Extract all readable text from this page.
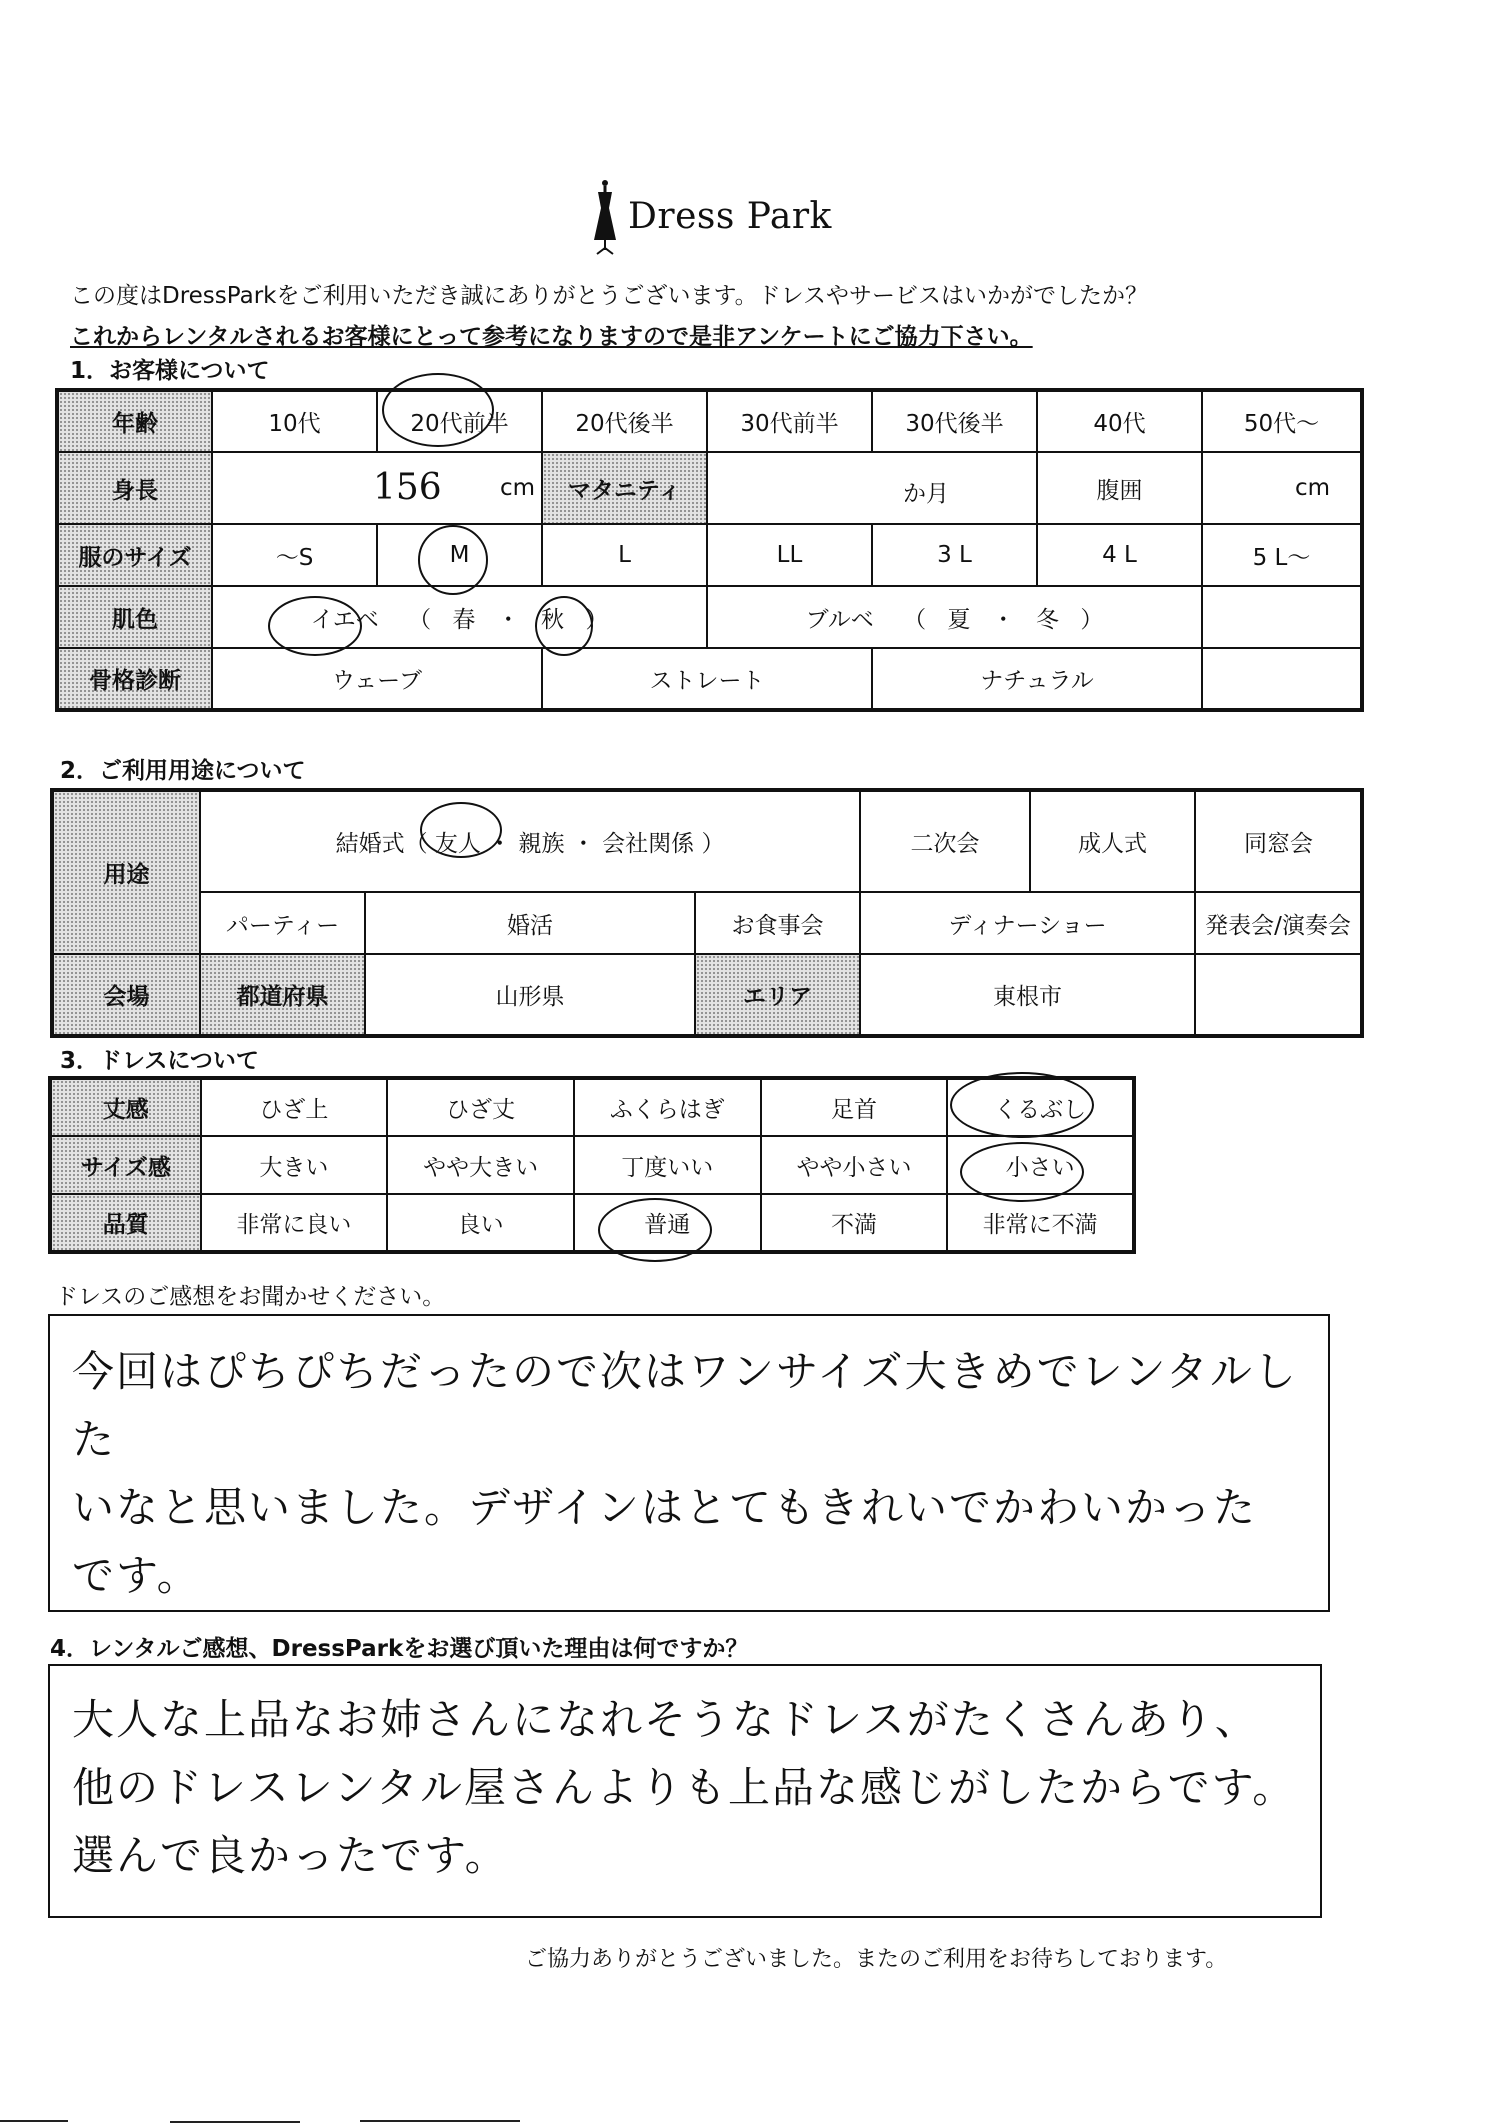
Dress Park
この度はDressParkをご利用いただき誠にありがとうございます。ドレスやサービスはいかがでしたか？
これからレンタルされるお客様にとって参考になりますので是非アンケートにご協力下さい。
1．お客様について
年齢	10代	20代前半	20代後半	30代前半	30代後半	40代	50代～
身長	156 cm		マタニティ	か月		腹囲	cm

服のサイズ	～S	M	L	LL	3 L	4 L	5 L～
肌色	イエベ （ 春 ・ 秋 ）			ブルベ （ 夏 ・ 冬 ）			
骨格診断	ウェーブ		ストレート		ナチュラル		
2．ご利用用途について
用途	結婚式（ 友人 ・ 親族 ・ 会社関係 ）			二次会	成人式	同窓会	
	パーティー	婚活	お食事会	ディナーショー		発表会/演奏会	
会場	都道府県	山形県	エリア	東根市			
3．ドレスについて
丈感	ひざ上	ひざ丈	ふくらはぎ	足首	くるぶし
サイズ感	大きい	やや大きい	丁度いい	やや小さい	小さい
品質	非常に良い	良い	普通	不満	非常に不満
ドレスのご感想をお聞かせください。
今回はぴちぴちだったので次はワンサイズ大きめでレンタルした
いなと思いました。デザインはとてもきれいでかわいかった
です。
4．レンタルご感想、DressParkをお選び頂いた理由は何ですか？
大人な上品なお姉さんになれそうなドレスがたくさんあり、
他のドレスレンタル屋さんよりも上品な感じがしたからです。
選んで良かったです。
ご協力ありがとうございました。またのご利用をお待ちしております。
